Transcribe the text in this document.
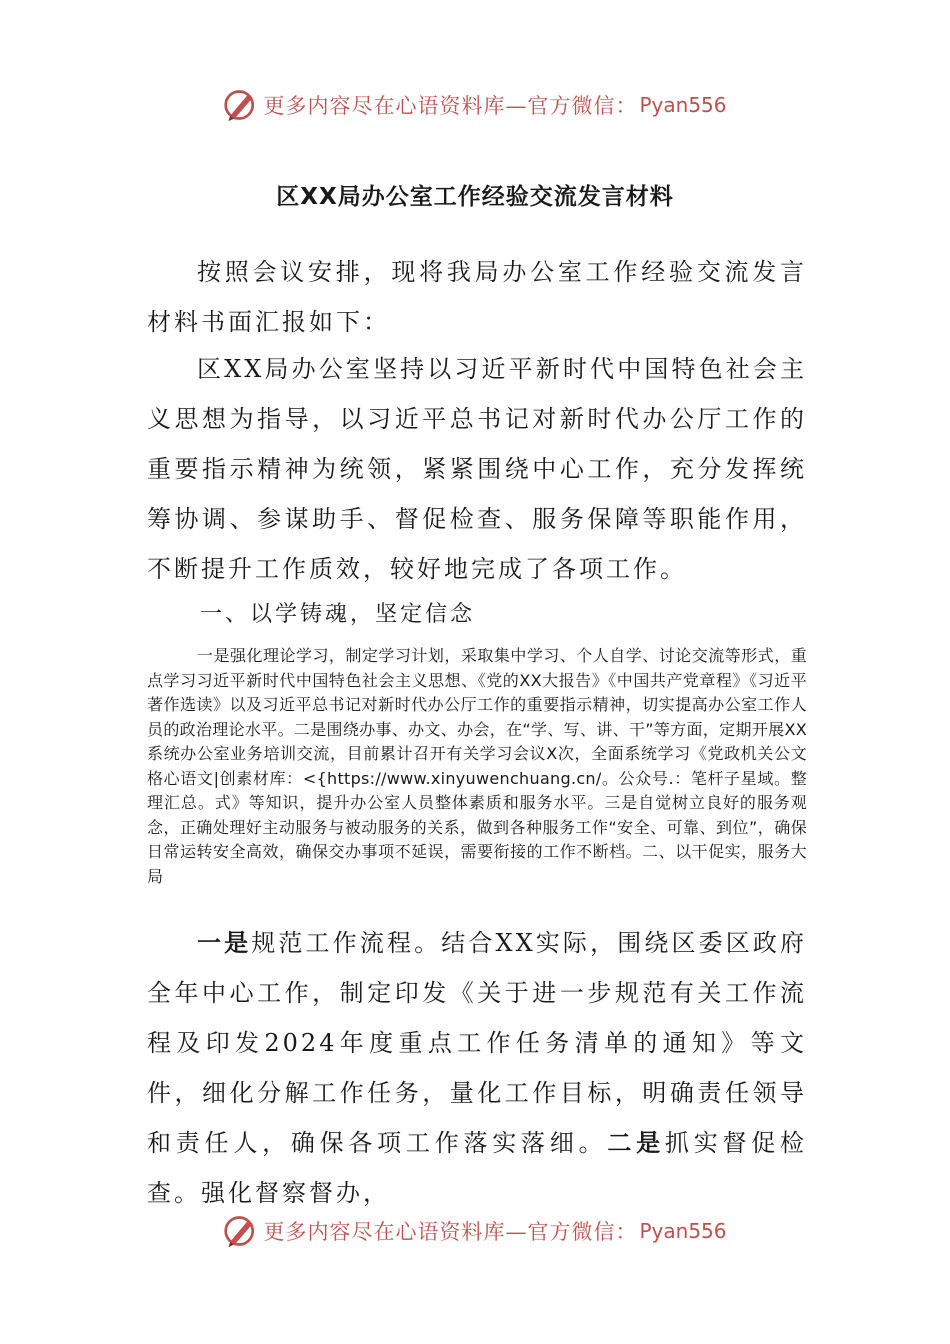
更多内容尽在心语资料库—官方微信： Pyan556
区XX局办公室工作经验交流发言材料

按照会议安排，现将我局办公室工作经验交流发言材料书面汇报如下：

区XX局办公室坚持以习近平新时代中国特色社会主义思想为指导，以习近平总书记对新时代办公厅工作的重要指示精神为统领，紧紧围绕中心工作，充分发挥统筹协调、参谋助手、督促检查、服务保障等职能作用，不断提升工作质效，较好地完成了各项工作。

一、以学铸魂，坚定信念

一是强化理论学习，制定学习计划，采取集中学习、个人自学、讨论交流等形式，重点学习习近平新时代中国特色社会主义思想、《党的XX大报告》《中国共产党章程》《习近平著作选读》以及习近平总书记对新时代办公厅工作的重要指示精神，切实提高办公室工作人员的政治理论水平。二是围绕办事、办文、办会，在“学、写、讲、干”等方面，定期开展XX系统办公室业务培训交流，目前累计召开有关学习会议X次，全面系统学习《党政机关公文格心语文|创素材库：<{https://www.xinyuwenchuang.cn/。公众号.：笔杆子星域。整理汇总。式》等知识，提升办公室人员整体素质和服务水平。三是自觉树立良好的服务观念，正确处理好主动服务与被动服务的关系，做到各种服务工作“安全、可靠、到位”，确保日常运转安全高效，确保交办事项不延误，需要衔接的工作不断档。二、以干促实，服务大局

一是规范工作流程。结合XX实际，围绕区委区政府全年中心工作，制定印发《关于进一步规范有关工作流程及印发2024年度重点工作任务清单的通知》等文件，细化分解工作任务，量化工作目标，明确责任领导和责任人，确保各项工作落实落细。二是抓实督促检查。强化督察督办，

更多内容尽在心语资料库—官方微信： Pyan556
